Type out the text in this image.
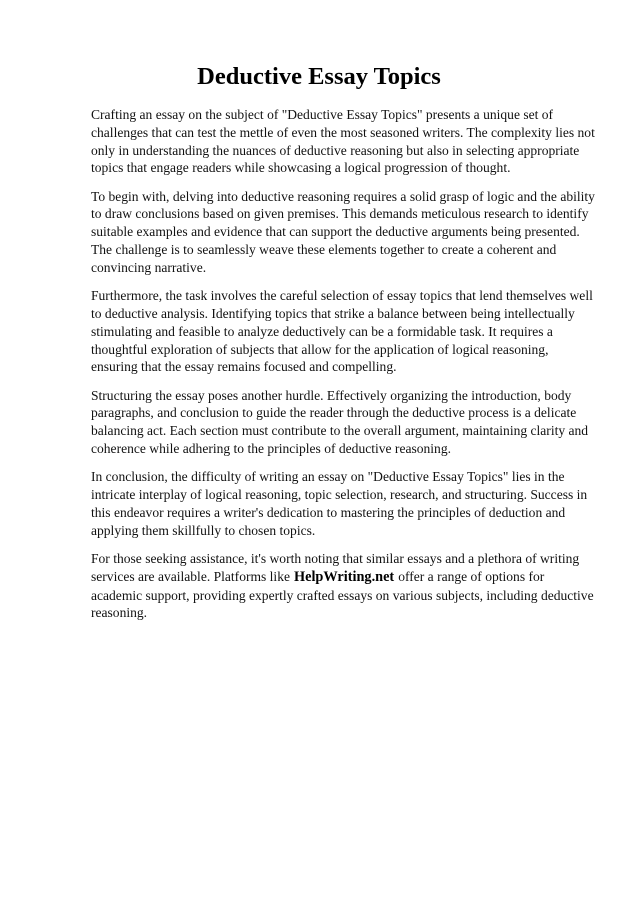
Deductive Essay Topics

Crafting an essay on the subject of "Deductive Essay Topics" presents a unique set of challenges that can test the mettle of even the most seasoned writers. The complexity lies not only in understanding the nuances of deductive reasoning but also in selecting appropriate topics that engage readers while showcasing a logical progression of thought.

To begin with, delving into deductive reasoning requires a solid grasp of logic and the ability to draw conclusions based on given premises. This demands meticulous research to identify suitable examples and evidence that can support the deductive arguments being presented. The challenge is to seamlessly weave these elements together to create a coherent and convincing narrative.

Furthermore, the task involves the careful selection of essay topics that lend themselves well to deductive analysis. Identifying topics that strike a balance between being intellectually stimulating and feasible to analyze deductively can be a formidable task. It requires a thoughtful exploration of subjects that allow for the application of logical reasoning, ensuring that the essay remains focused and compelling.

Structuring the essay poses another hurdle. Effectively organizing the introduction, body paragraphs, and conclusion to guide the reader through the deductive process is a delicate balancing act. Each section must contribute to the overall argument, maintaining clarity and coherence while adhering to the principles of deductive reasoning.

In conclusion, the difficulty of writing an essay on "Deductive Essay Topics" lies in the intricate interplay of logical reasoning, topic selection, research, and structuring. Success in this endeavor requires a writer's dedication to mastering the principles of deduction and applying them skillfully to chosen topics.

For those seeking assistance, it's worth noting that similar essays and a plethora of writing services are available. Platforms like HelpWriting.net offer a range of options for academic support, providing expertly crafted essays on various subjects, including deductive reasoning.
